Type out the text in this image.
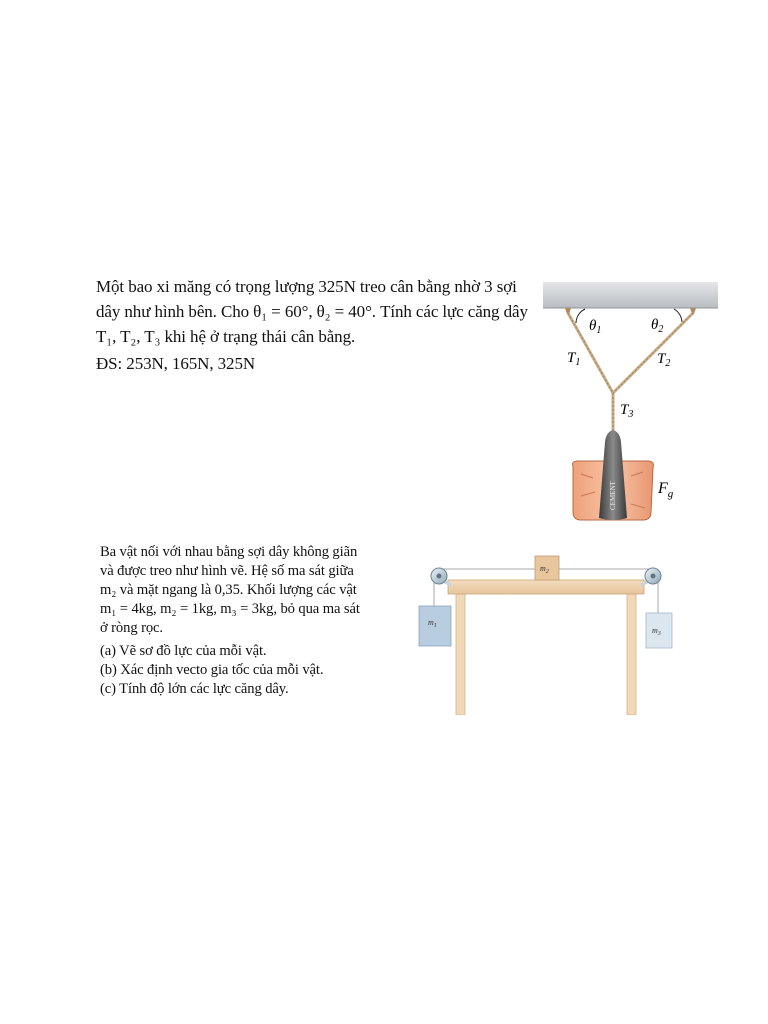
Một bao xi măng có trọng lượng 325N treo cân bằng nhờ 3 sợi
dây như hình bên. Cho θ₁ = 60°, θ₂ = 40°. Tính các lực căng dây
T₁, T₂, T₃ khi hệ ở trạng thái cân bằng.
ĐS: 253N, 165N, 325N
$\theta_1$	$\theta_2$
$T_1$	$T_2$
$T_3$
$F_g$
CEMENT
Ba vật nối với nhau bằng sợi dây không giãn
và được treo như hình vẽ. Hệ số ma sát giữa
m₂ và mặt ngang là 0,35. Khối lượng các vật
m₁ = 4kg, m₂ = 1kg, m₃ = 3kg, bỏ qua ma sát
ở ròng rọc.
(a) Vẽ sơ đồ lực của mỗi vật.
(b) Xác định vecto gia tốc của mỗi vật.
(c) Tính độ lớn các lực căng dây.
$m_2$
$m_1$	$m_3$
